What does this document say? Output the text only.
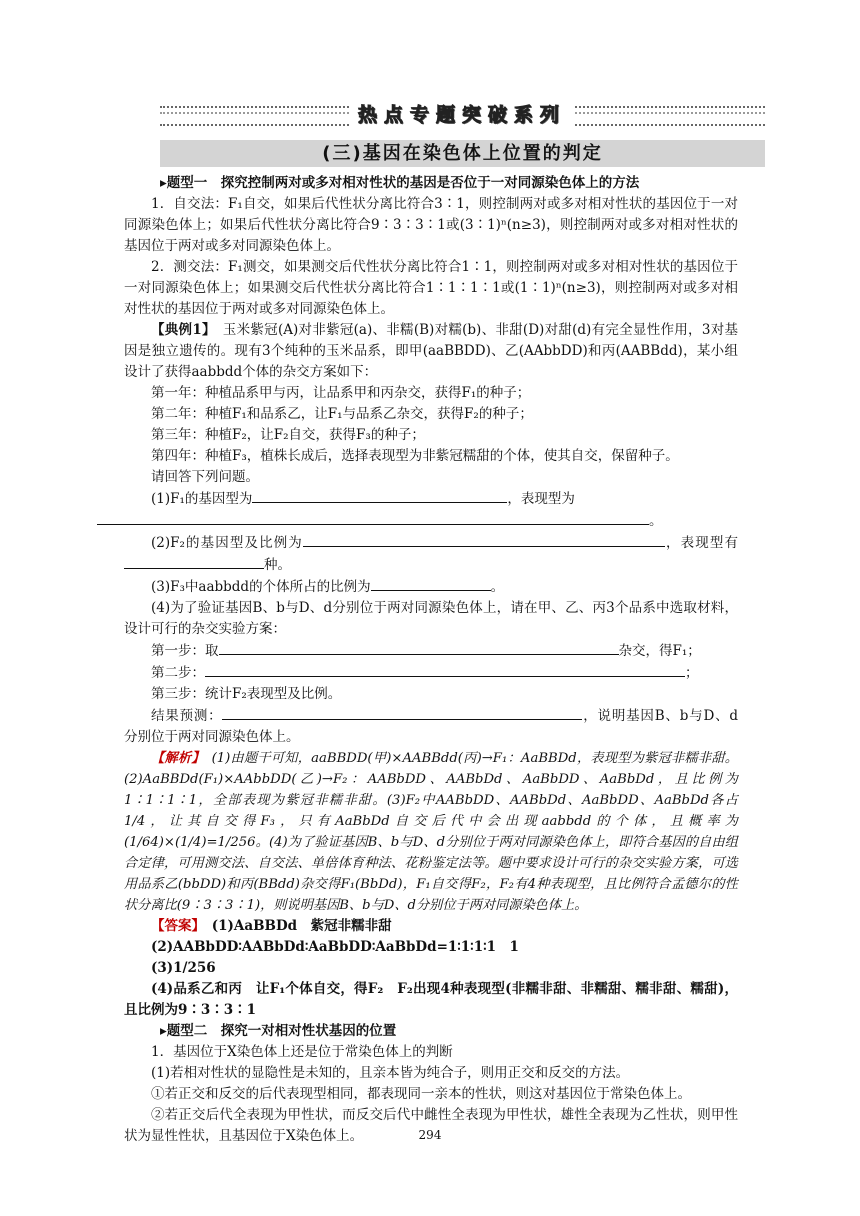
热点专题突破系列
(三)基因在染色体上位置的判定

▸题型一　探究控制两对或多对相对性状的基因是否位于一对同源染色体上的方法

1．自交法：F₁自交，如果后代性状分离比符合3∶1，则控制两对或多对相对性状的基因位于一对同源染色体上；如果后代性状分离比符合9∶3∶3∶1或(3∶1)ⁿ(n≥3)，则控制两对或多对相对性状的基因位于两对或多对同源染色体上。

2．测交法：F₁测交，如果测交后代性状分离比符合1∶1，则控制两对或多对相对性状的基因位于一对同源染色体上；如果测交后代性状分离比符合1∶1∶1∶1或(1∶1)ⁿ(n≥3)，则控制两对或多对相对性状的基因位于两对或多对同源染色体上。

【典例1】　玉米紫冠(A)对非紫冠(a)、非糯(B)对糯(b)、非甜(D)对甜(d)有完全显性作用，3对基因是独立遗传的。现有3个纯种的玉米品系，即甲(aaBBDD)、乙(AAbbDD)和丙(AABBdd)，某小组设计了获得aabbdd个体的杂交方案如下：

第一年：种植品系甲与丙，让品系甲和丙杂交，获得F₁的种子；

第二年：种植F₁和品系乙，让F₁与品系乙杂交，获得F₂的种子；

第三年：种植F₂，让F₂自交，获得F₃的种子；

第四年：种植F₃，植株长成后，选择表现型为非紫冠糯甜的个体，使其自交，保留种子。

请回答下列问题。

(1)F₁的基因型为	，表现型为
。

(2)F₂的基因型及比例为	，表现型有种。

(3)F₃中aabbdd的个体所占的比例为	。

(4)为了验证基因B、b与D、d分别位于两对同源染色体上，请在甲、乙、丙3个品系中选取材料，设计可行的杂交实验方案：

第一步：取	杂交，得F₁；

第二步：	；

第三步：统计F₂表现型及比例。

结果预测：	，说明基因B、b与D、d分别位于两对同源染色体上。

【解析】　(1)由题干可知，aaBBDD(甲)×AABBdd(丙)→F₁：AaBBDd，表现型为紫冠非糯非甜。(2)AaBBDd(F₁)×AAbbDD(乙)→F₂：AABbDD、AABbDd、AaBbDD、AaBbDd，且比例为1∶1∶1∶1，全部表现为紫冠非糯非甜。(3)F₂中AABbDD、AABbDd、AaBbDD、AaBbDd各占1/4，让其自交得F₃，只有AaBbDd自交后代中会出现aabbdd的个体，且概率为(1/64)×(1/4)=1/256。(4)为了验证基因B、b与D、d分别位于两对同源染色体上，即符合基因的自由组合定律，可用测交法、自交法、单倍体育种法、花粉鉴定法等。题中要求设计可行的杂交实验方案，可选用品系乙(bbDD)和丙(BBdd)杂交得F₁(BbDd)，F₁自交得F₂，F₂有4种表现型，且比例符合孟德尔的性状分离比(9∶3∶3∶1)，则说明基因B、b与D、d分别位于两对同源染色体上。

【答案】　(1)AaBBDd　紫冠非糯非甜

(2)AABbDD∶AABbDd∶AaBbDD∶AaBbDd=1∶1∶1∶1　1

(3)1/256

(4)品系乙和丙　让F₁个体自交，得F₂　F₂出现4种表现型(非糯非甜、非糯甜、糯非甜、糯甜)，且比例为9∶3∶3∶1

▸题型二　探究一对相对性状基因的位置

1．基因位于X染色体上还是位于常染色体上的判断

(1)若相对性状的显隐性是未知的，且亲本皆为纯合子，则用正交和反交的方法。

①若正交和反交的后代表现型相同，都表现同一亲本的性状，则这对基因位于常染色体上。

②若正交后代全表现为甲性状，而反交后代中雌性全表现为甲性状，雄性全表现为乙性状，则甲性状为显性性状，且基因位于X染色体上。	294
